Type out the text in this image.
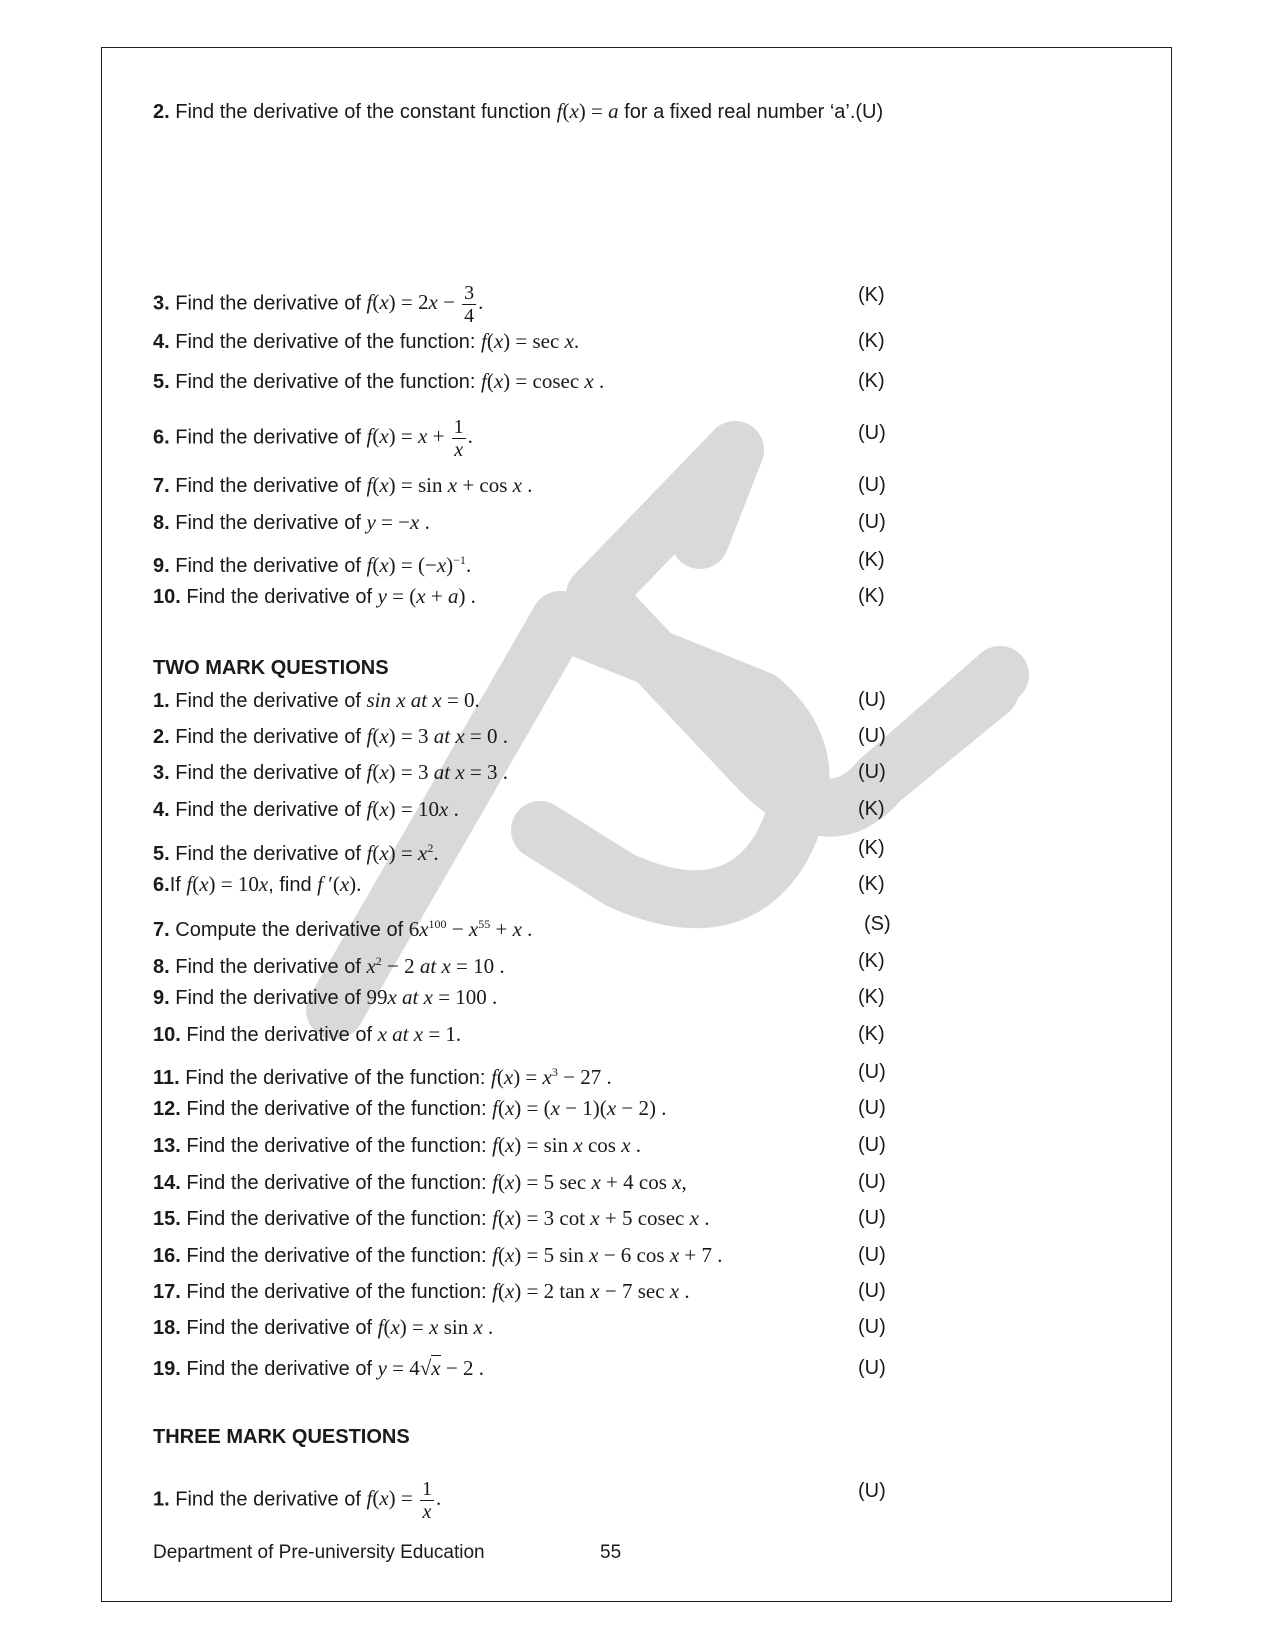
2. Find the derivative of the constant function f(x) = a for a fixed real number ‘a’.(U)
3. Find the derivative of $f(x) = 2x - \frac{3}{4}$ .	(K)
4. Find the derivative of the function: f(x) = sec x.	(K)
5. Find the derivative of the function: f(x) = cosec x .	(K)
6. Find the derivative of $f(x) = x + \frac{1}{x}$ .	(U)
7. Find the derivative of f(x) = sin x + cos x .	(U)
8. Find the derivative of y = −x .	(U)
9. Find the derivative of $f(x) = (-x)^{-1}$.	(K)
10. Find the derivative of y = (x + a) .	(K)
TWO MARK QUESTIONS
1. Find the derivative of sin x at x = 0.	(U)
2. Find the derivative of f(x) = 3 at x = 0 .	(U)
3. Find the derivative of f(x) = 3 at x = 3 .	(U)
4. Find the derivative of f(x) = 10x .	(K)
5. Find the derivative of $f(x) = x^2$.	(K)
6.If f(x) = 10x, find f ′(x).	(K)
7. Compute the derivative of $6x^{100} - x^{55} + x$ .	(S)
8. Find the derivative of $x^2 - 2$ at x = 10 .	(K)
9. Find the derivative of 99x at x = 100 .	(K)
10. Find the derivative of x at x = 1.	(K)
11. Find the derivative of the function: $f(x) = x^3 - 27$ .	(U)
12. Find the derivative of the function: f(x) = (x − 1)(x − 2) .	(U)
13. Find the derivative of the function: f(x) = sin x cos x .	(U)
14. Find the derivative of the function: f(x) = 5 sec x + 4 cos x,	(U)
15. Find the derivative of the function: f(x) = 3 cot x + 5 cosec x .	(U)
16. Find the derivative of the function: f(x) = 5 sin x − 6 cos x + 7 .	(U)
17. Find the derivative of the function: f(x) = 2 tan x − 7 sec x .	(U)
18. Find the derivative of f(x) = x sin x .	(U)
19. Find the derivative of y = 4√x − 2 .	(U)
THREE MARK QUESTIONS
1. Find the derivative of $f(x) = \frac{1}{x}$ .	(U)
Department of Pre-university Education	55
